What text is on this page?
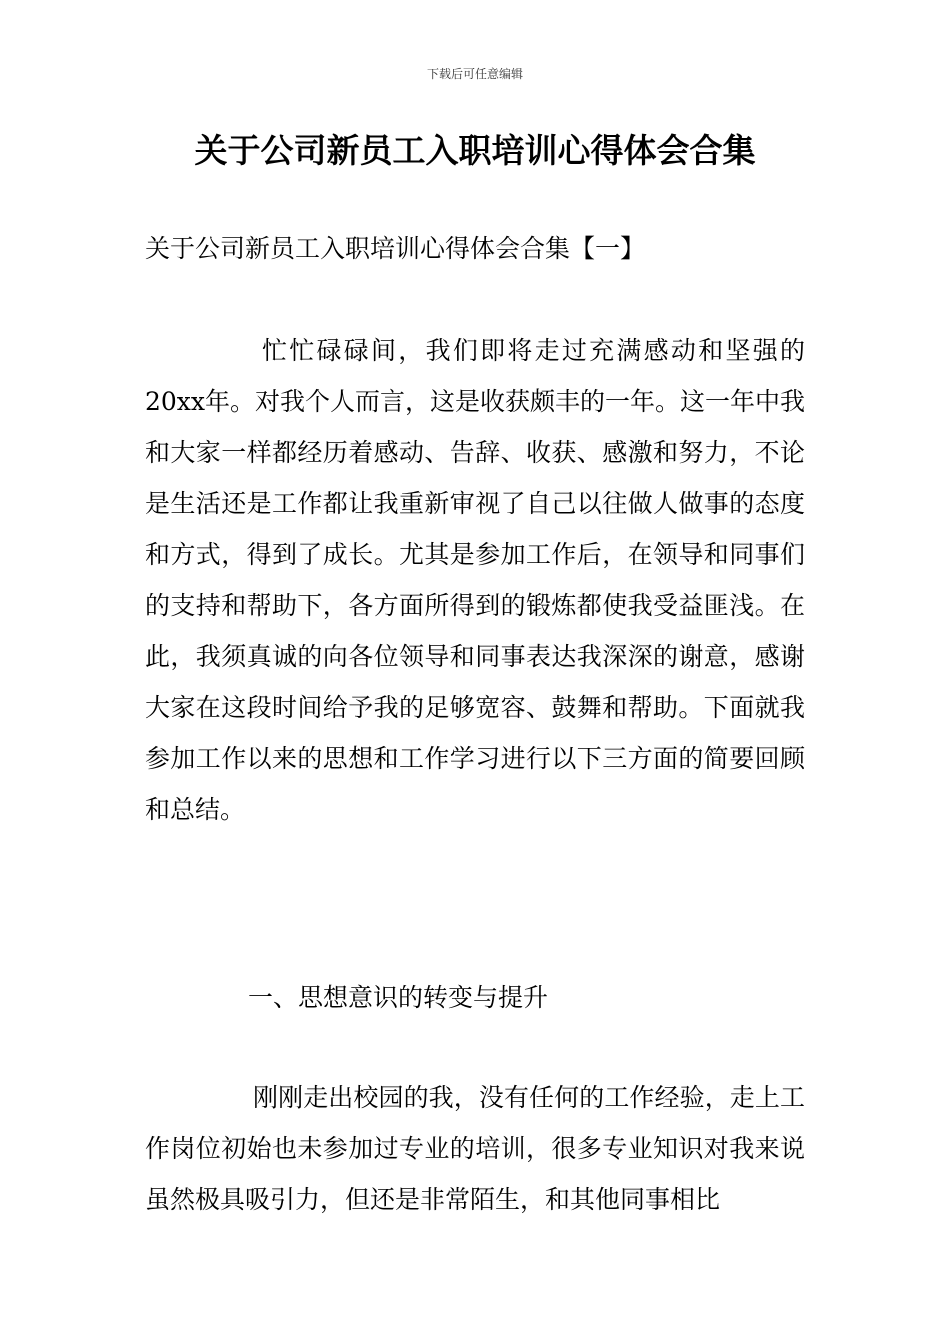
下载后可任意编辑
关于公司新员工入职培训心得体会合集
关于公司新员工入职培训心得体会合集【一】

忙忙碌碌间，我们即将走过充满感动和坚强的20xx年。对我个人而言，这是收获颇丰的一年。这一年中我和大家一样都经历着感动、告辞、收获、感激和努力，不论是生活还是工作都让我重新审视了自己以往做人做事的态度和方式，得到了成长。尤其是参加工作后，在领导和同事们的支持和帮助下，各方面所得到的锻炼都使我受益匪浅。在此，我须真诚的向各位领导和同事表达我深深的谢意，感谢大家在这段时间给予我的足够宽容、鼓舞和帮助。下面就我参加工作以来的思想和工作学习进行以下三方面的简要回顾和总结。

一、思想意识的转变与提升

刚刚走出校园的我，没有任何的工作经验，走上工作岗位初始也未参加过专业的培训，很多专业知识对我来说虽然极具吸引力，但还是非常陌生，和其他同事相比
